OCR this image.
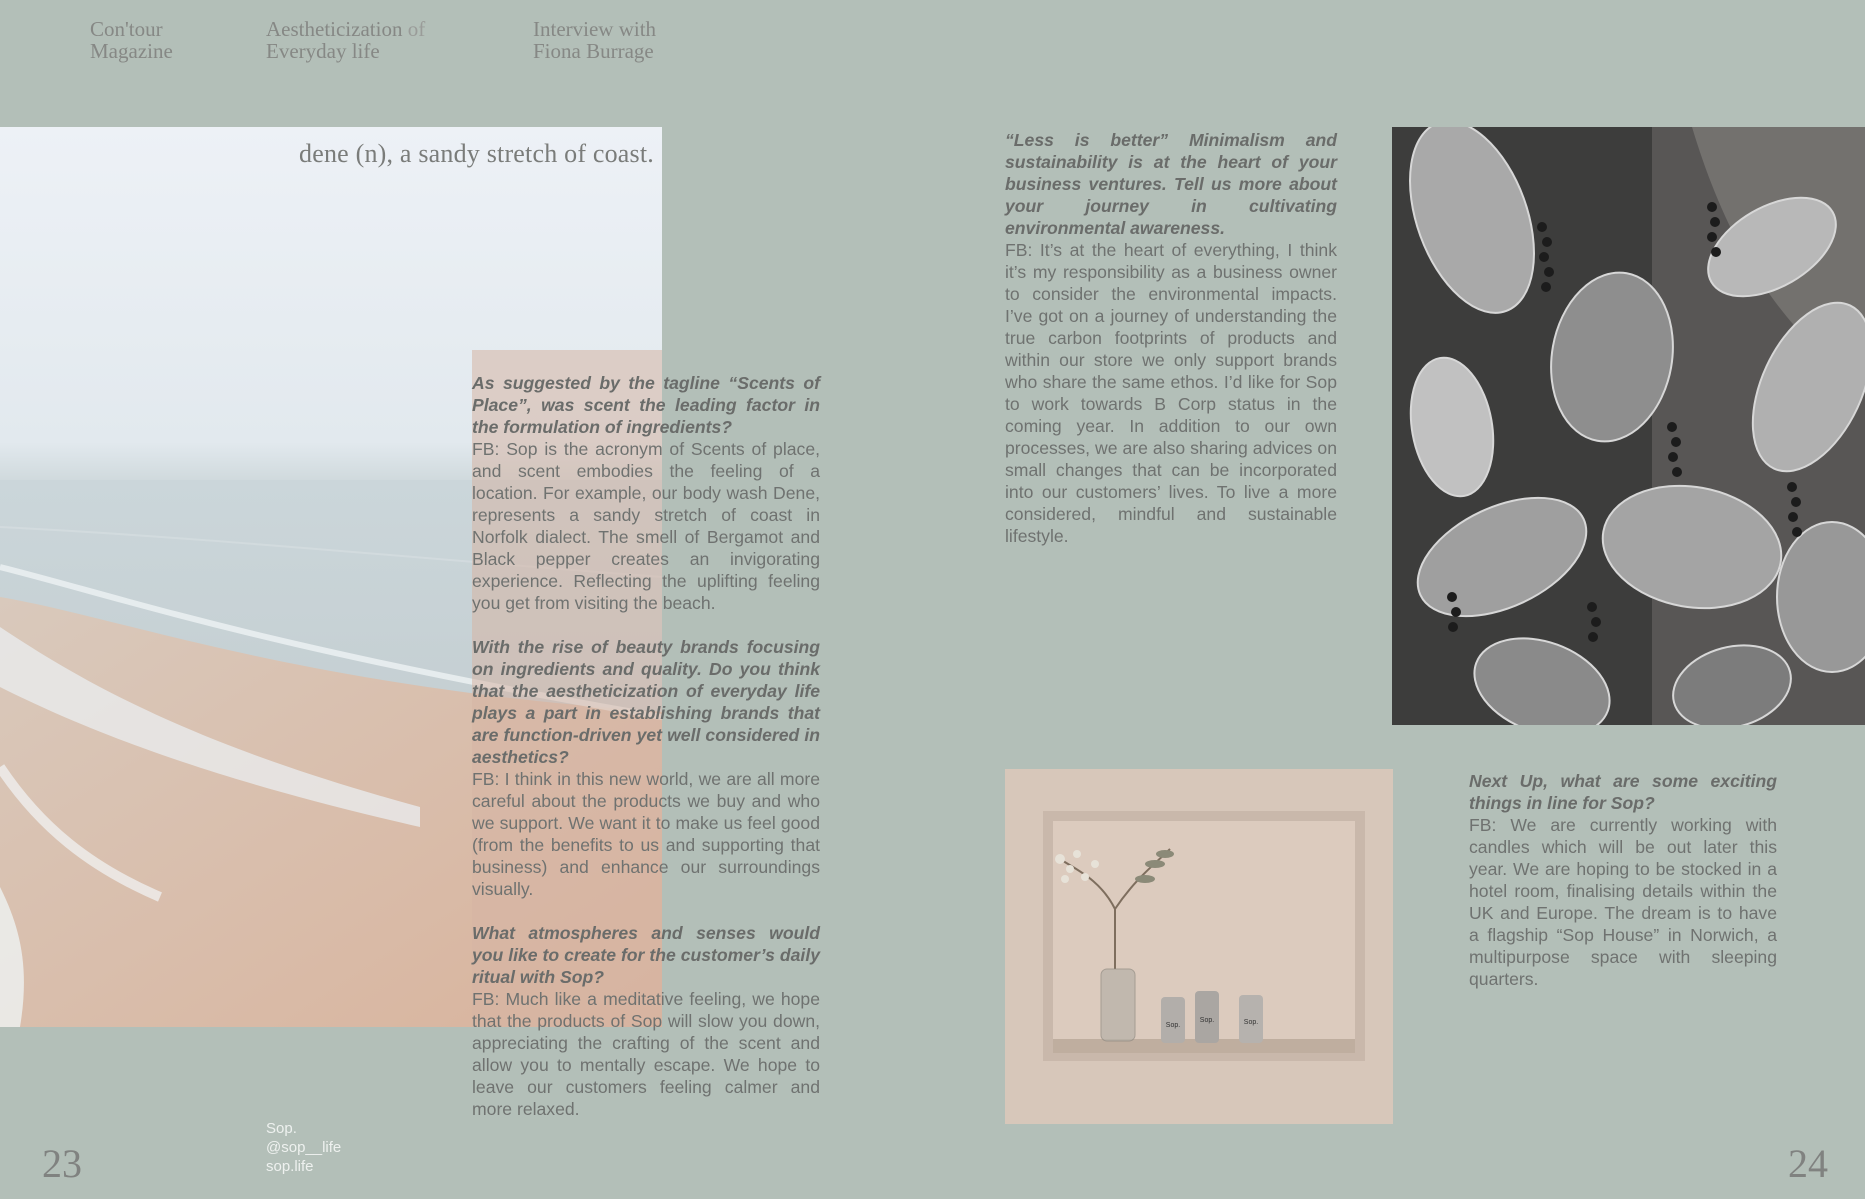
Con'tour
Magazine
Aestheticization of
Everyday life
Interview with
Fiona Burrage
dene (n), a sandy stretch of coast.

As suggested by the tagline “Scents of Place”, was scent the leading factor in the formulation of ingredients?

FB: Sop is the acronym of Scents of place, and scent embodies the feeling of a location. For example, our body wash Dene, represents a sandy stretch of coast in Norfolk dialect. The smell of Bergamot and Black pepper creates an invigorating experience. Reflecting the uplifting feeling you get from visiting the beach.

With the rise of beauty brands focusing on ingredients and quality. Do you think that the aestheticization of everyday life plays a part in establishing brands that are function-driven yet well considered in aesthetics?

FB: I think in this new world, we are all more careful about the products we buy and who we support. We want it to make us feel good (from the benefits to us and supporting that business) and enhance our surroundings visually.

What atmospheres and senses would you like to create for the customer’s daily ritual with Sop?

FB: Much like a meditative feeling, we hope that the products of Sop will slow you down, appreciating the crafting of the scent and allow you to mentally escape. We hope to leave our customers feeling calmer and more relaxed.

“Less is better” Minimalism and sustainability is at the heart of your business ventures. Tell us more about your journey in cultivating environmental awareness.

FB: It’s at the heart of everything, I think it’s my responsibility as a business owner to consider the environmental impacts. I’ve got on a journey of understanding the true carbon footprints of products and within our store we only support brands who share the same ethos. I’d like for Sop to work towards B Corp status in the coming year. In addition to our own processes, we are also sharing advices on small changes that can be incorporated into our customers’ lives. To live a more considered, mindful and sustainable lifestyle.

Sop.
Sop.	Sop.

Next Up, what are some exciting things in line for Sop?

FB: We are currently working with candles which will be out later this year. We are hoping to be stocked in a hotel room, finalising details within the UK and Europe. The dream is to have a flagship “Sop House” in Norwich, a multipurpose space with sleeping quarters.

23	24
Sop.
@sop__life
sop.life
